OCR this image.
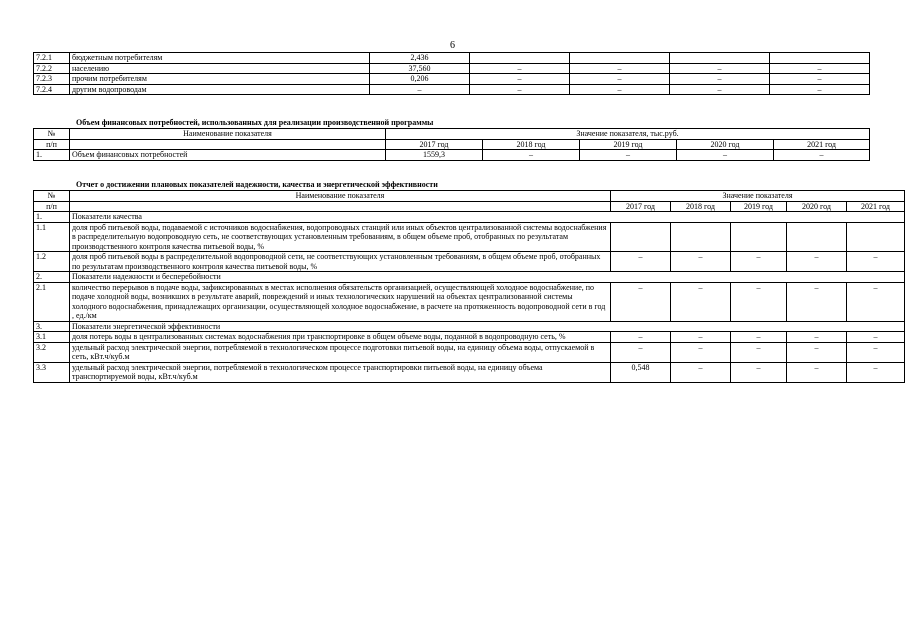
6
7.2.1	бюджетным потребителям	2,436				
7.2.2	населению	37,560	–	–	–	–
7.2.3	прочим потребителям	0,206	–	–	–	–
7.2.4	другим водопроводам	–	–	–	–	–
Объем финансовых потребностей, использованных для реализации производственной программы
№	Наименование показателя	Значение показателя, тыс.руб.				
п/п		2017 год	2018 год	2019 год	2020 год	2021 год
1.	Объем финансовых потребностей	1559,3	–	–	–	–
Отчет о достижении плановых показателей надежности, качества и энергетической эффективности
№	Наименование показателя	Значение показателя				
п/п		2017 год	2018 год	2019 год	2020 год	2021 год
1.	Показатели качества					
1.1	доля проб питьевой воды, подаваемой с источников водоснабжения, водопроводных станций или иных объектов централизованной системы водоснабжения в распределительную водопроводную сеть, не соответствующих установленным требованиям, в общем объеме проб, отобранных по результатам производственного контроля качества питьевой воды, %					
1.2	доля проб питьевой воды в распределительной водопроводной сети, не соответствующих установленным требованиям, в общем объеме проб, отобранных по результатам производственного контроля качества питьевой воды, %	–	–	–	–	–
2.	Показатели надежности и бесперебойности					
2.1	количество перерывов в подаче воды, зафиксированных в местах исполнения обязательств организацией, осуществляющей холодное водоснабжение, по подаче холодной воды, возникших в результате аварий, повреждений и иных технологических нарушений на объектах централизованной системы холодного водоснабжения, принадлежащих организации, осуществляющей холодное водоснабжение, в расчете на протяженность водопроводной сети в год , ед./км	–	–	–	–	–
3.	Показатели энергетической эффективности					
3.1	доля потерь воды в централизованных системах водоснабжения при транспортировке в общем объеме воды, поданной в водопроводную сеть, %	–	–	–	–	–
3.2	удельный расход электрической энергии, потребляемой в технологическом процессе подготовки питьевой воды, на единицу объема воды, отпускаемой в сеть, кВт.ч/куб.м	–	–	–	–	–
3.3	удельный расход электрической энергии, потребляемой в технологическом процессе транспортировки питьевой воды, на единицу объема транспортируемой воды, кВт.ч/куб.м	0,548	–	–	–	–
